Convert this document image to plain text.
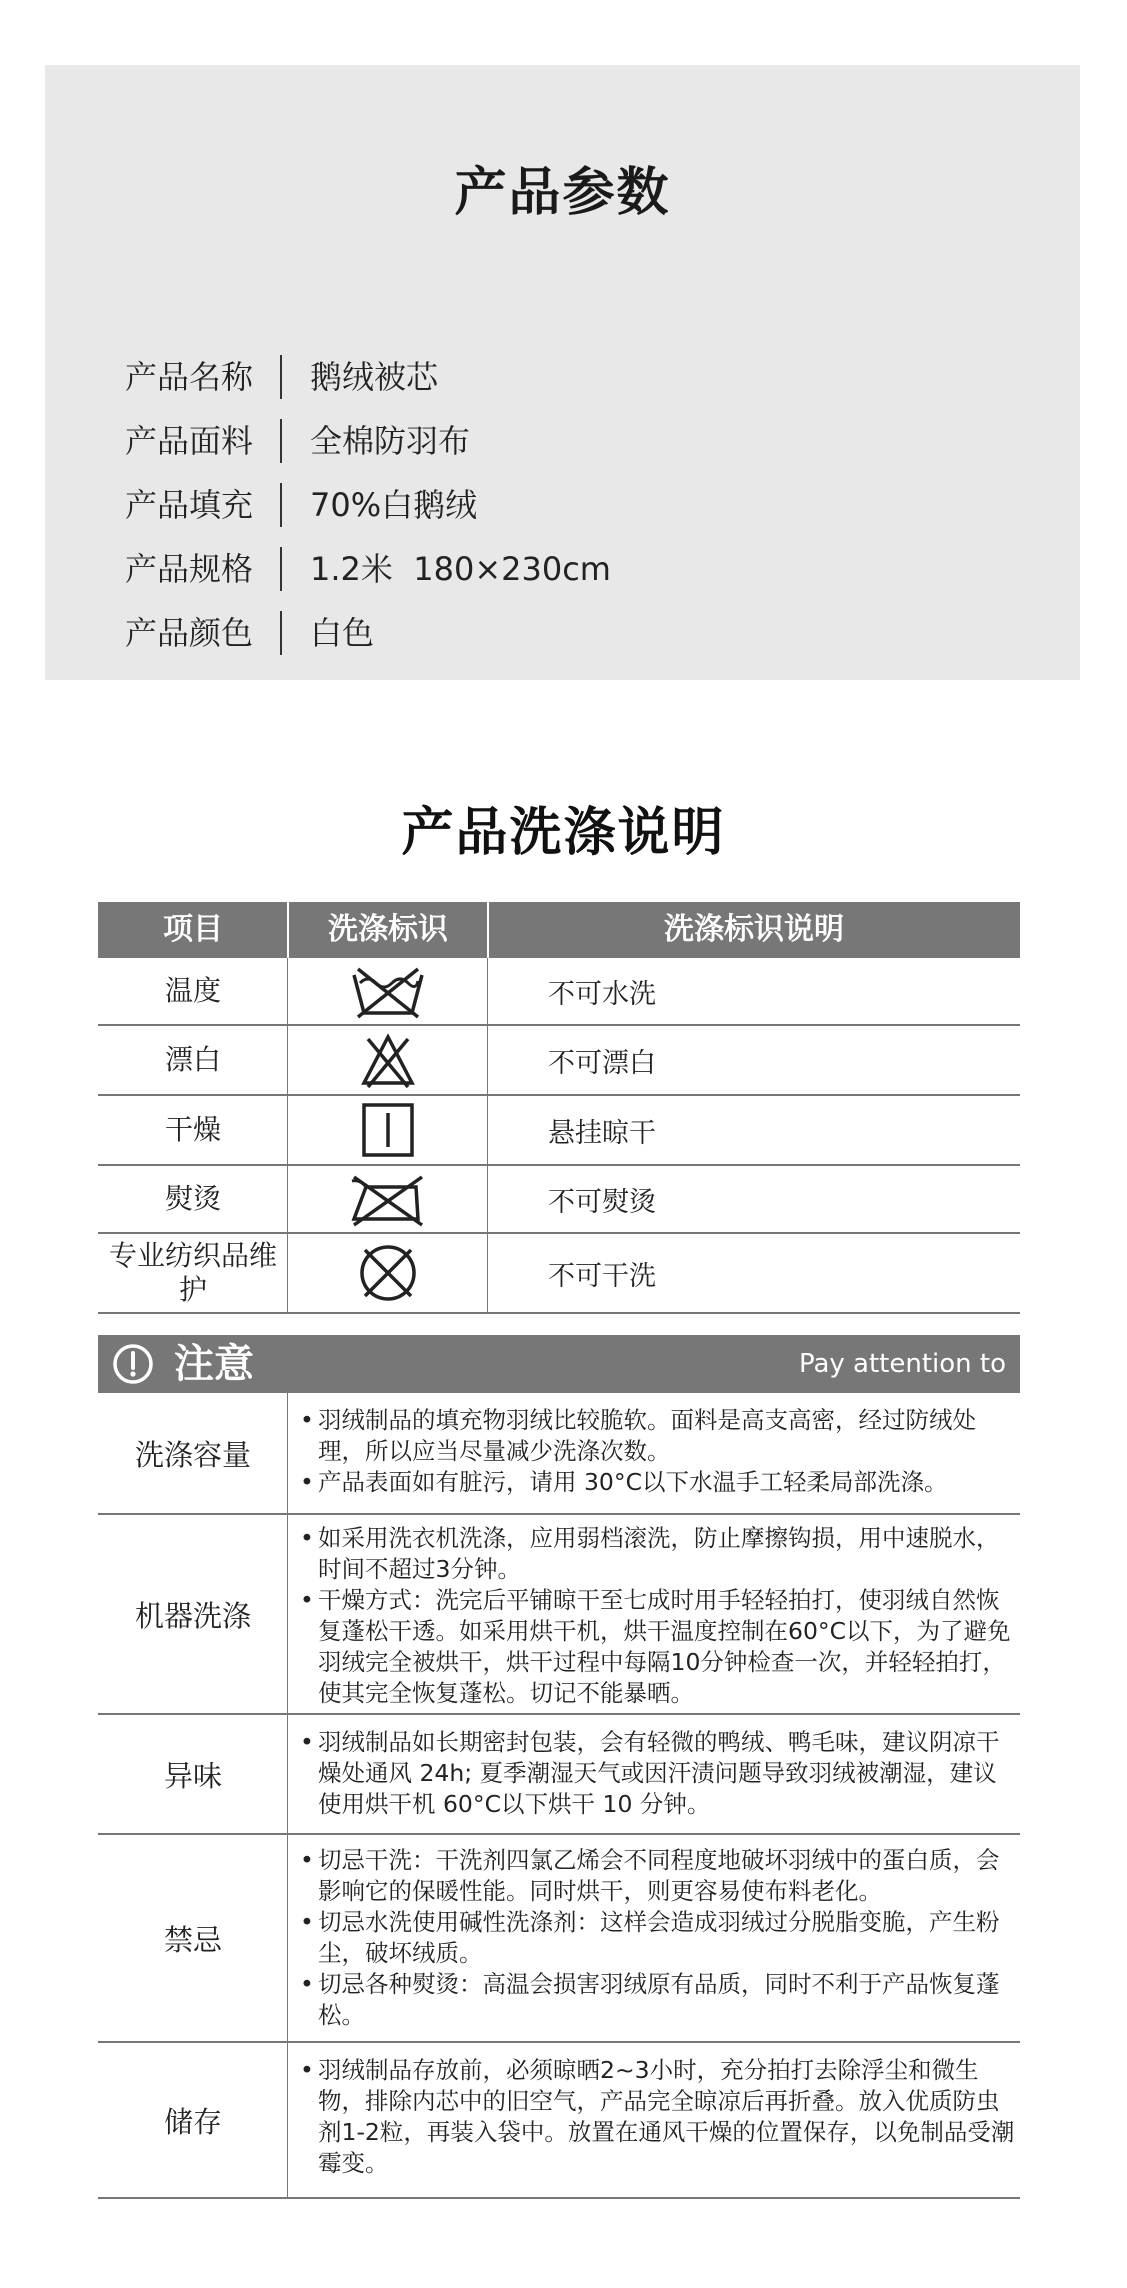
产品参数
产品名称	鹅绒被芯
产品面料	全棉防羽布
产品填充	70%白鹅绒
产品规格	1.2米  180×230cm
产品颜色	白色
产品洗涤说明
项目	洗涤标识	洗涤标识说明
温度	不可水洗
漂白	不可漂白
干燥	悬挂晾干
熨烫	不可熨烫
专业纺织品维护	不可干洗
注意	Pay attention to
洗涤容量
• 羽绒制品的填充物羽绒比较脆软。面料是高支高密，经过防绒处理，所以应当尽量减少洗涤次数。
• 产品表面如有脏污，请用 30°C以下水温手工轻柔局部洗涤。
机器洗涤
• 如采用洗衣机洗涤，应用弱档滚洗，防止摩擦钩损，用中速脱水，时间不超过3分钟。
• 干燥方式：洗完后平铺晾干至七成时用手轻轻拍打，使羽绒自然恢复蓬松干透。如采用烘干机，烘干温度控制在60°C以下，为了避免羽绒完全被烘干，烘干过程中每隔10分钟检查一次，并轻轻拍打，使其完全恢复蓬松。切记不能暴晒。
异味
• 羽绒制品如长期密封包装，会有轻微的鸭绒、鸭毛味，建议阴凉干燥处通风 24h; 夏季潮湿天气或因汗渍问题导致羽绒被潮湿，建议使用烘干机 60°C以下烘干 10 分钟。
禁忌
• 切忌干洗：干洗剂四氯乙烯会不同程度地破坏羽绒中的蛋白质，会影响它的保暖性能。同时烘干，则更容易使布料老化。
• 切忌水洗使用碱性洗涤剂：这样会造成羽绒过分脱脂变脆，产生粉尘，破坏绒质。
• 切忌各种熨烫：高温会损害羽绒原有品质，同时不利于产品恢复蓬松。
储存
• 羽绒制品存放前，必须晾晒2~3小时，充分拍打去除浮尘和微生物，排除内芯中的旧空气，产品完全晾凉后再折叠。放入优质防虫剂1-2粒，再装入袋中。放置在通风干燥的位置保存，以免制品受潮霉变。
